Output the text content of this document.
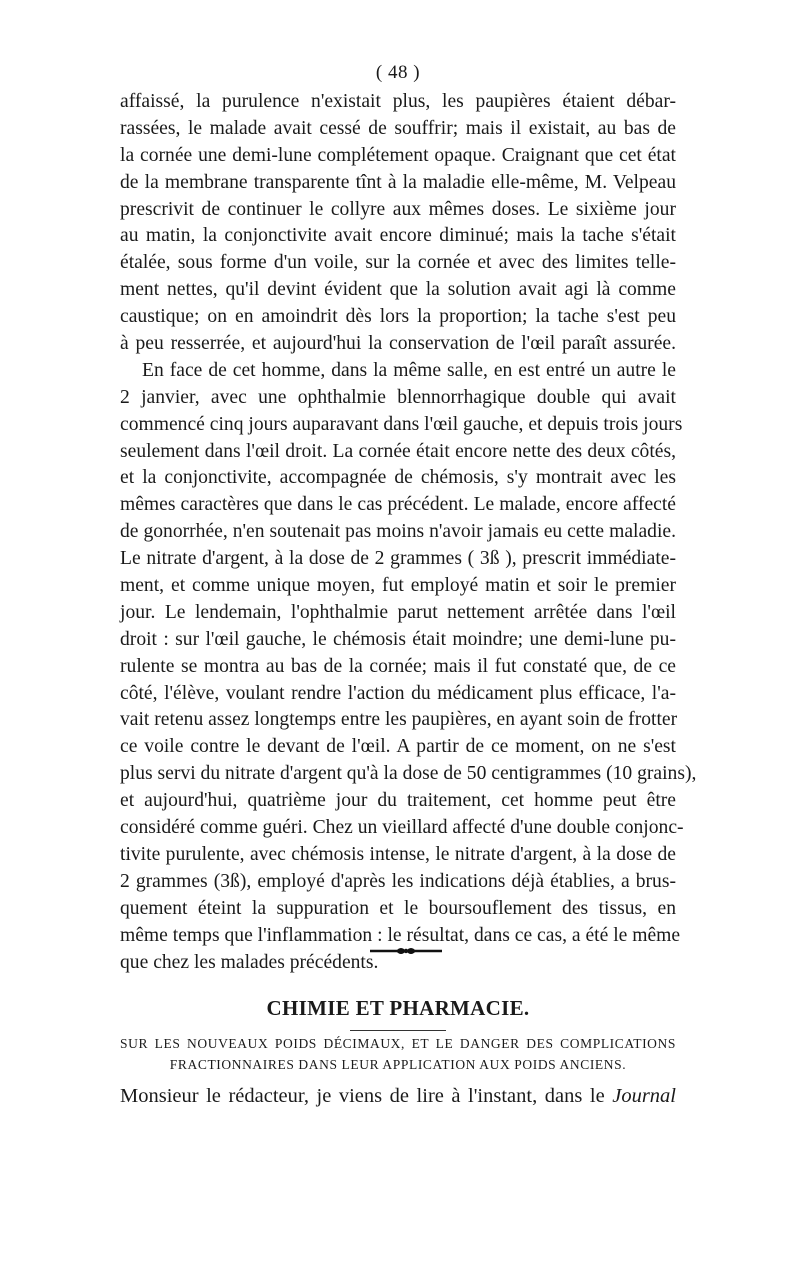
( 48 )
affaissé, la purulence n'existait plus, les paupières étaient débar-
rassées, le malade avait cessé de souffrir; mais il existait, au bas de
la cornée une demi-lune complétement opaque. Craignant que cet état
de la membrane transparente tînt à la maladie elle-même, M. Velpeau
prescrivit de continuer le collyre aux mêmes doses. Le sixième jour
au matin, la conjonctivite avait encore diminué; mais la tache s'était
étalée, sous forme d'un voile, sur la cornée et avec des limites telle-
ment nettes, qu'il devint évident que la solution avait agi là comme
caustique; on en amoindrit dès lors la proportion; la tache s'est peu
à peu resserrée, et aujourd'hui la conservation de l'œil paraît assurée.
En face de cet homme, dans la même salle, en est entré un autre le
2 janvier, avec une ophthalmie blennorrhagique double qui avait
commencé cinq jours auparavant dans l'œil gauche, et depuis trois jours
seulement dans l'œil droit. La cornée était encore nette des deux côtés,
et la conjonctivite, accompagnée de chémosis, s'y montrait avec les
mêmes caractères que dans le cas précédent. Le malade, encore affecté
de gonorrhée, n'en soutenait pas moins n'avoir jamais eu cette maladie.
Le nitrate d'argent, à la dose de 2 grammes ( 3ß ), prescrit immédiate-
ment, et comme unique moyen, fut employé matin et soir le premier
jour. Le lendemain, l'ophthalmie parut nettement arrêtée dans l'œil
droit : sur l'œil gauche, le chémosis était moindre; une demi-lune pu-
rulente se montra au bas de la cornée; mais il fut constaté que, de ce
côté, l'élève, voulant rendre l'action du médicament plus efficace, l'a-
vait retenu assez longtemps entre les paupières, en ayant soin de frotter
ce voile contre le devant de l'œil. A partir de ce moment, on ne s'est
plus servi du nitrate d'argent qu'à la dose de 50 centigrammes (10 grains),
et aujourd'hui, quatrième jour du traitement, cet homme peut être
considéré comme guéri. Chez un vieillard affecté d'une double conjonc-
tivite purulente, avec chémosis intense, le nitrate d'argent, à la dose de
2 grammes (3ß), employé d'après les indications déjà établies, a brus-
quement éteint la suppuration et le boursouflement des tissus, en
même temps que l'inflammation : le résultat, dans ce cas, a été le même
que chez les malades précédents.
CHIMIE ET PHARMACIE.
SUR LES NOUVEAUX POIDS DÉCIMAUX, ET LE DANGER DES COMPLICATIONS
FRACTIONNAIRES DANS LEUR APPLICATION AUX POIDS ANCIENS.
Monsieur le rédacteur, je viens de lire à l'instant, dans le Journal
